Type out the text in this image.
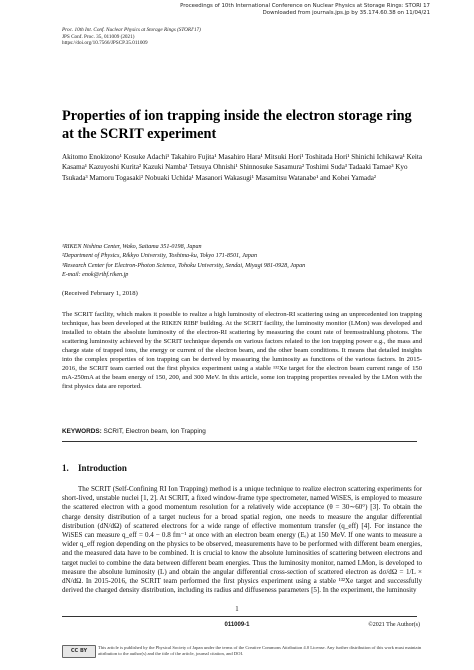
Proceedings of 10th International Conference on Nuclear Physics at Storage Rings: STORI 17
Downloaded from journals.jps.jp by 35.174.60.38 on 11/04/21
Proc. 10th Int. Conf. Nuclear Physics at Storage Rings (STORI'17)
JPS Conf. Proc. 35, 011009 (2021)
https://doi.org/10.7566/JPSCP.35.011009
Properties of ion trapping inside the electron storage ring at the SCRIT experiment
Akitomo Enokizono¹ Kosuke Adachi¹ Takahiro Fujita¹ Masahiro Hara¹ Mitsuki Hori¹ Toshitada Hori¹ Shinichi Ichikawa¹ Keita Kasama¹ Kazuyoshi Kurita² Kazuki Namba¹ Tetsuya Ohnishi¹ Shinnosuke Sasamura² Toshimi Suda³ Tadaaki Tamae³ Kyo Tsukada³ Mamoru Togasaki² Nobuaki Uchida¹ Masanori Wakasugi¹ Masamitsu Watanabe¹ and Kohei Yamada²
¹RIKEN Nishina Center, Wako, Saitama 351-0198, Japan
²Department of Physics, Rikkyo University, Toshima-ku, Tokyo 171-8501, Japan
³Research Center for Electron-Photon Science, Tohoku University, Sendai, Miyagi 981-0928, Japan
E-mail: enok@ribf.riken.jp
(Received February 1, 2018)

The SCRIT facility, which makes it possible to realize a high luminosity of electron-RI scattering using an unprecedented ion trapping technique, has been developed at the RIKEN RIBF building. At the SCRIT facility, the luminosity monitor (LMon) was developed and installed to obtain the absolute luminosity of the electron-RI scattering by measuring the count rate of bremsstrahlung photons. The scattering luminosity achieved by the SCRIT technique depends on various factors related to the ion trapping power e.g., the mass and charge state of trapped ions, the energy or current of the electron beam, and the other beam conditions. It means that detailed insights into the complex properties of ion trapping can be derived by measuring the luminosity as functions of the various factors. In 2015-2016, the SCRIT team carried out the first physics experiment using a stable ¹³²Xe target for the electron beam current range of 150 mA-250mA at the beam energy of 150, 200, and 300 MeV. In this article, some ion trapping properties revealed by the LMon with the first physics data are reported.

KEYWORDS: SCRIT, Electron beam, Ion Trapping
1. Introduction

The SCRIT (Self-Confining RI Ion Trapping) method is a unique technique to realize electron scattering experiments for short-lived, unstable nuclei [1, 2]. At SCRIT, a fixed window-frame type spectrometer, named WiSES, is employed to measure the scattered electron with a good momentum resolution for a relatively wide acceptance (θ = 30∼60°) [3]. To obtain the charge density distribution of a target nucleus for a broad spatial region, one needs to measure the angular differential distribution (dN/dΩ) of scattered electrons for a wide range of effective momentum transfer (q_eff) [4]. For instance the WiSES can measure q_eff = 0.4 − 0.8 fm⁻¹ at once with an electron beam energy (Eₑ) at 150 MeV. If one wants to measure a wider q_eff region depending on the physics to be observed, measurements have to be performed with different beam energies, and the measured data have to be combined. It is crucial to know the absolute luminosities of scattering between electrons and target nuclei to combine the data between different beam energies. Thus the luminosity monitor, named LMon, is developed to measure the absolute luminosity (L) and obtain the angular differential cross-section of scattered electron as dσ/dΩ = 1/L × dN/dΩ. In 2015-2016, the SCRIT team performed the first physics experiment using a stable ¹³²Xe target and successfully derived the charged density distribution, including its radius and diffuseness parameters [5]. In the experiment, the luminosity

1
011009-1	©2021 The Author(s)
CC BY
This article is published by the Physical Society of Japan under the terms of the Creative Commons Attribution 4.0 License. Any further distribution of this work must maintain attribution to the author(s) and the title of the article, journal citation, and DOI.
